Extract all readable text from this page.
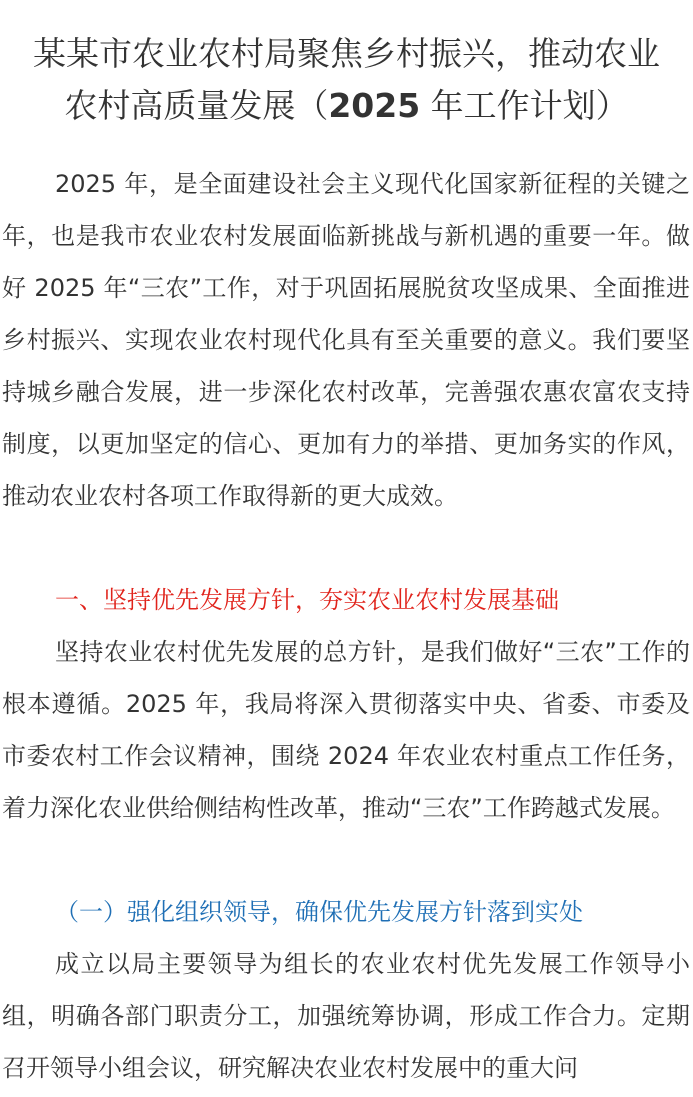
某某市农业农村局聚焦乡村振兴，推动农业
农村高质量发展（2025 年工作计划）

2025 年，是全面建设社会主义现代化国家新征程的关键之年，也是我市农业农村发展面临新挑战与新机遇的重要一年。做好 2025 年“三农”工作，对于巩固拓展脱贫攻坚成果、全面推进乡村振兴、实现农业农村现代化具有至关重要的意义。我们要坚持城乡融合发展，进一步深化农村改革，完善强农惠农富农支持制度，以更加坚定的信心、更加有力的举措、更加务实的作风，推动农业农村各项工作取得新的更大成效。

一、坚持优先发展方针，夯实农业农村发展基础

坚持农业农村优先发展的总方针，是我们做好“三农”工作的根本遵循。2025 年，我局将深入贯彻落实中央、省委、市委及市委农村工作会议精神，围绕 2024 年农业农村重点工作任务，着力深化农业供给侧结构性改革，推动“三农”工作跨越式发展。

（一）强化组织领导，确保优先发展方针落到实处

成立以局主要领导为组长的农业农村优先发展工作领导小组，明确各部门职责分工，加强统筹协调，形成工作合力。定期召开领导小组会议，研究解决农业农村发展中的重大问
